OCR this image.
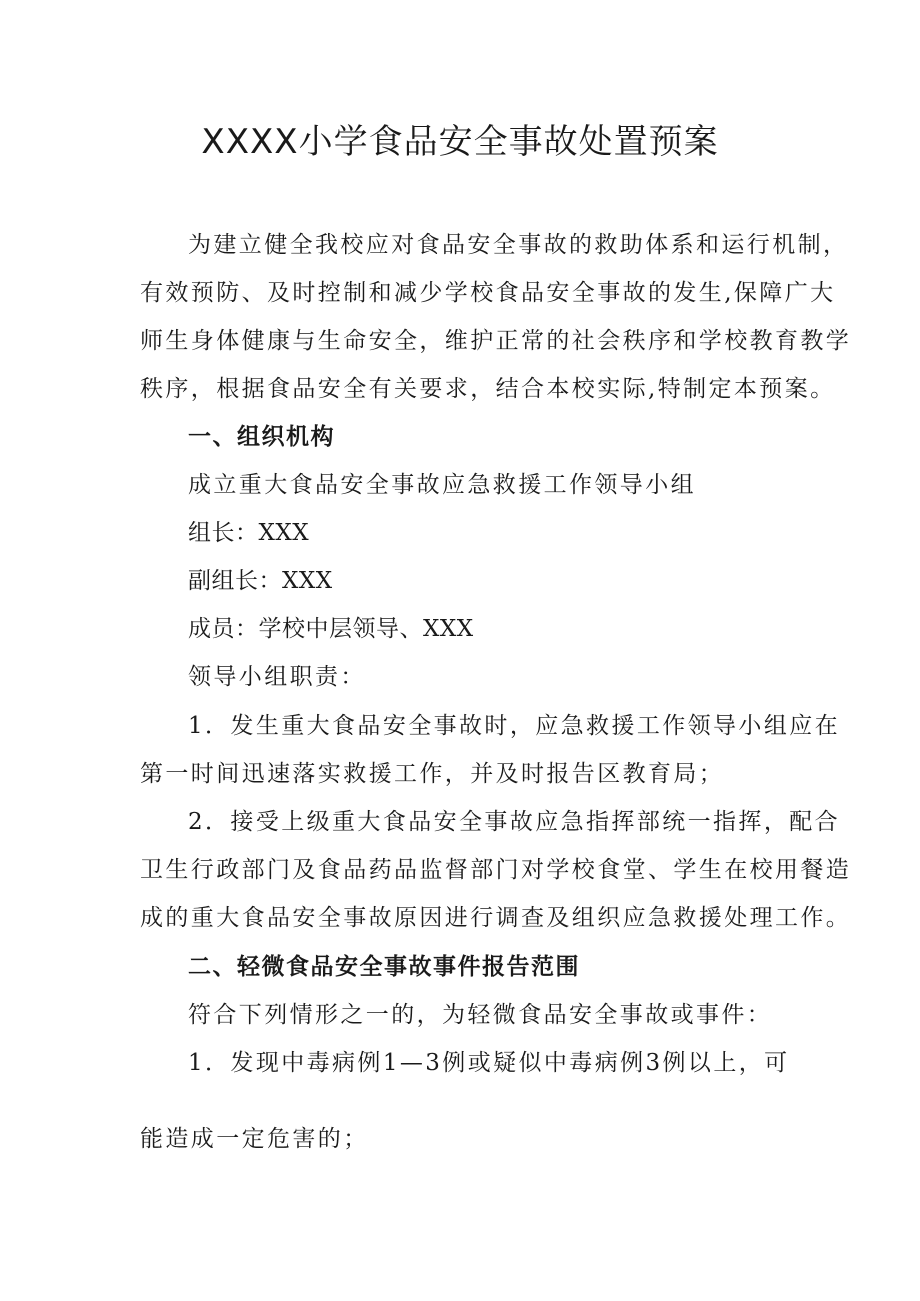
XXXX小学食品安全事故处置预案
为建立健全我校应对食品安全事故的救助体系和运行机制，
有效预防、及时控制和减少学校食品安全事故的发生,保障广大
师生身体健康与生命安全，维护正常的社会秩序和学校教育教学
秩序，根据食品安全有关要求，结合本校实际,特制定本预案。
一、组织机构
成立重大食品安全事故应急救援工作领导小组
组长：XXX
副组长：XXX
成员：学校中层领导、XXX
领导小组职责：
1．发生重大食品安全事故时，应急救援工作领导小组应在
第一时间迅速落实救援工作，并及时报告区教育局；
2．接受上级重大食品安全事故应急指挥部统一指挥，配合
卫生行政部门及食品药品监督部门对学校食堂、学生在校用餐造
成的重大食品安全事故原因进行调查及组织应急救援处理工作。
二、轻微食品安全事故事件报告范围
符合下列情形之一的，为轻微食品安全事故或事件：
1．发现中毒病例1—3例或疑似中毒病例3例以上，可
能造成一定危害的；
